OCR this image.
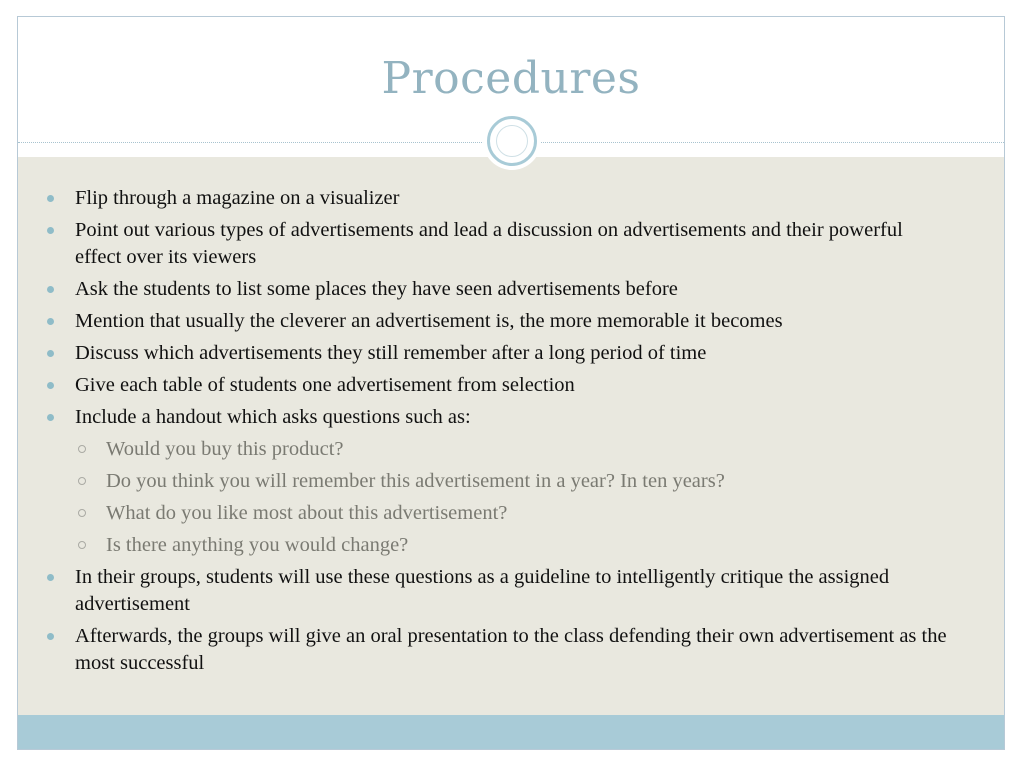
Procedures
Flip through a magazine on a visualizer
Point out various types of advertisements and lead a discussion on advertisements and their powerful effect over its viewers
Ask the students to list some places they have seen advertisements before
Mention that usually the cleverer an advertisement is, the more memorable it becomes
Discuss which advertisements they still remember after a long period of time
Give each table of students one advertisement from selection
Include a handout which asks questions such as:
Would you buy this product?
Do you think you will remember this advertisement in a year? In ten years?
What do you like most about this advertisement?
Is there anything you would change?
In their groups, students will use these questions as a guideline to intelligently critique the assigned advertisement
Afterwards, the groups will give an oral presentation to the class defending their own advertisement as the most successful
